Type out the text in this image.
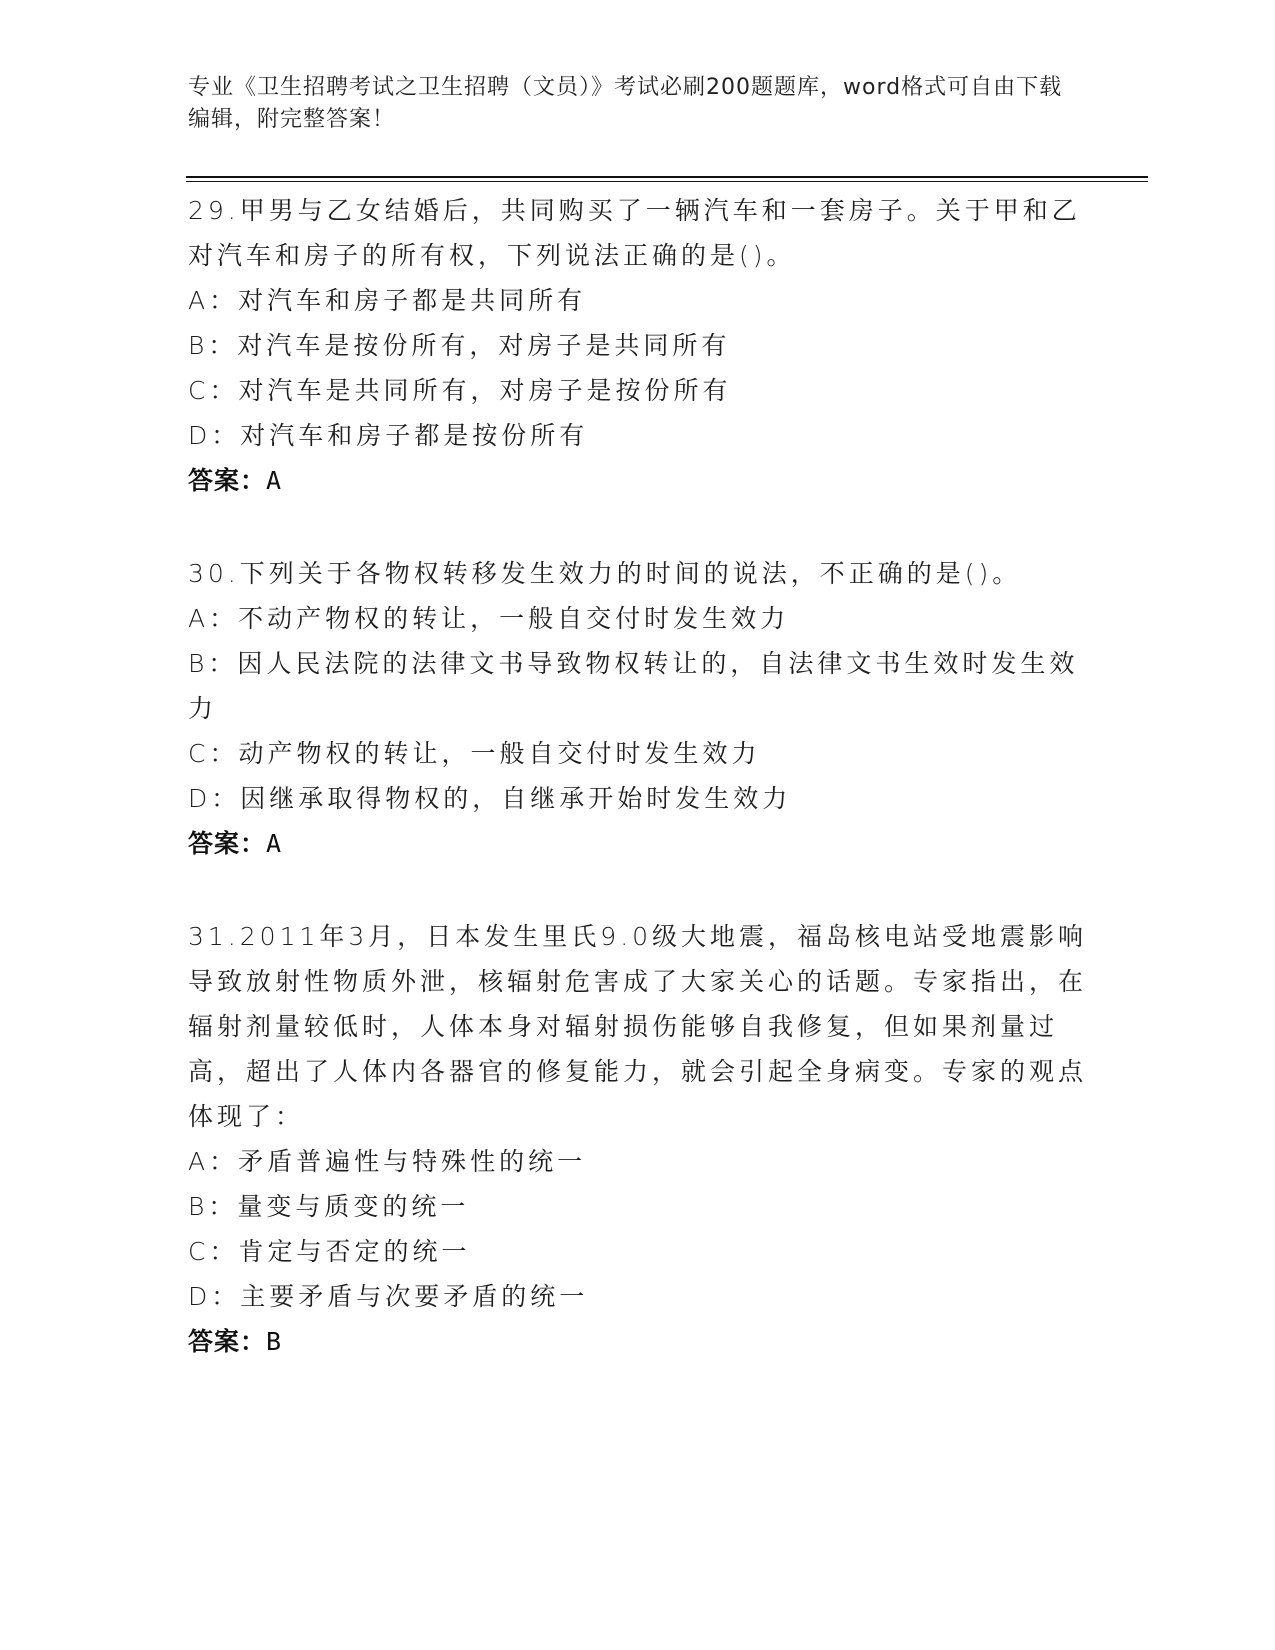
专业《卫生招聘考试之卫生招聘（文员）》考试必刷200题题库，word格式可自由下载编辑，附完整答案！
29.甲男与乙女结婚后，共同购买了一辆汽车和一套房子。关于甲和乙对汽车和房子的所有权，下列说法正确的是()。
A：对汽车和房子都是共同所有
B：对汽车是按份所有，对房子是共同所有
C：对汽车是共同所有，对房子是按份所有
D：对汽车和房子都是按份所有
答案：A
30.下列关于各物权转移发生效力的时间的说法，不正确的是()。
A：不动产物权的转让，一般自交付时发生效力
B：因人民法院的法律文书导致物权转让的，自法律文书生效时发生效力
C：动产物权的转让，一般自交付时发生效力
D：因继承取得物权的，自继承开始时发生效力
答案：A
31.2011年3月，日本发生里氏9.0级大地震，福岛核电站受地震影响导致放射性物质外泄，核辐射危害成了大家关心的话题。专家指出，在辐射剂量较低时，人体本身对辐射损伤能够自我修复，但如果剂量过高，超出了人体内各器官的修复能力，就会引起全身病变。专家的观点体现了：
A：矛盾普遍性与特殊性的统一
B：量变与质变的统一
C：肯定与否定的统一
D：主要矛盾与次要矛盾的统一
答案：B
